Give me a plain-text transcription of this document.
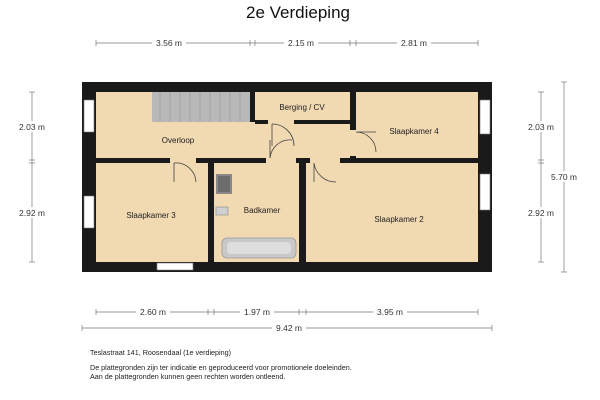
2e Verdieping
Overloop
Berging / CV
Slaapkamer 4
Slaapkamer 3
Badkamer
Slaapkamer 2
3.56 m	2.15 m	2.81 m
2.60 m	1.97 m	3.95 m
9.42 m
2.03 m
2.92 m
2.03 m
2.92 m
5.70 m
Teslastraat 141, Roosendaal (1e verdieping)
De plattegronden zijn ter indicatie en geproduceerd voor promotionele doeleinden.
Aan de plattegronden kunnen geen rechten worden ontleend.
